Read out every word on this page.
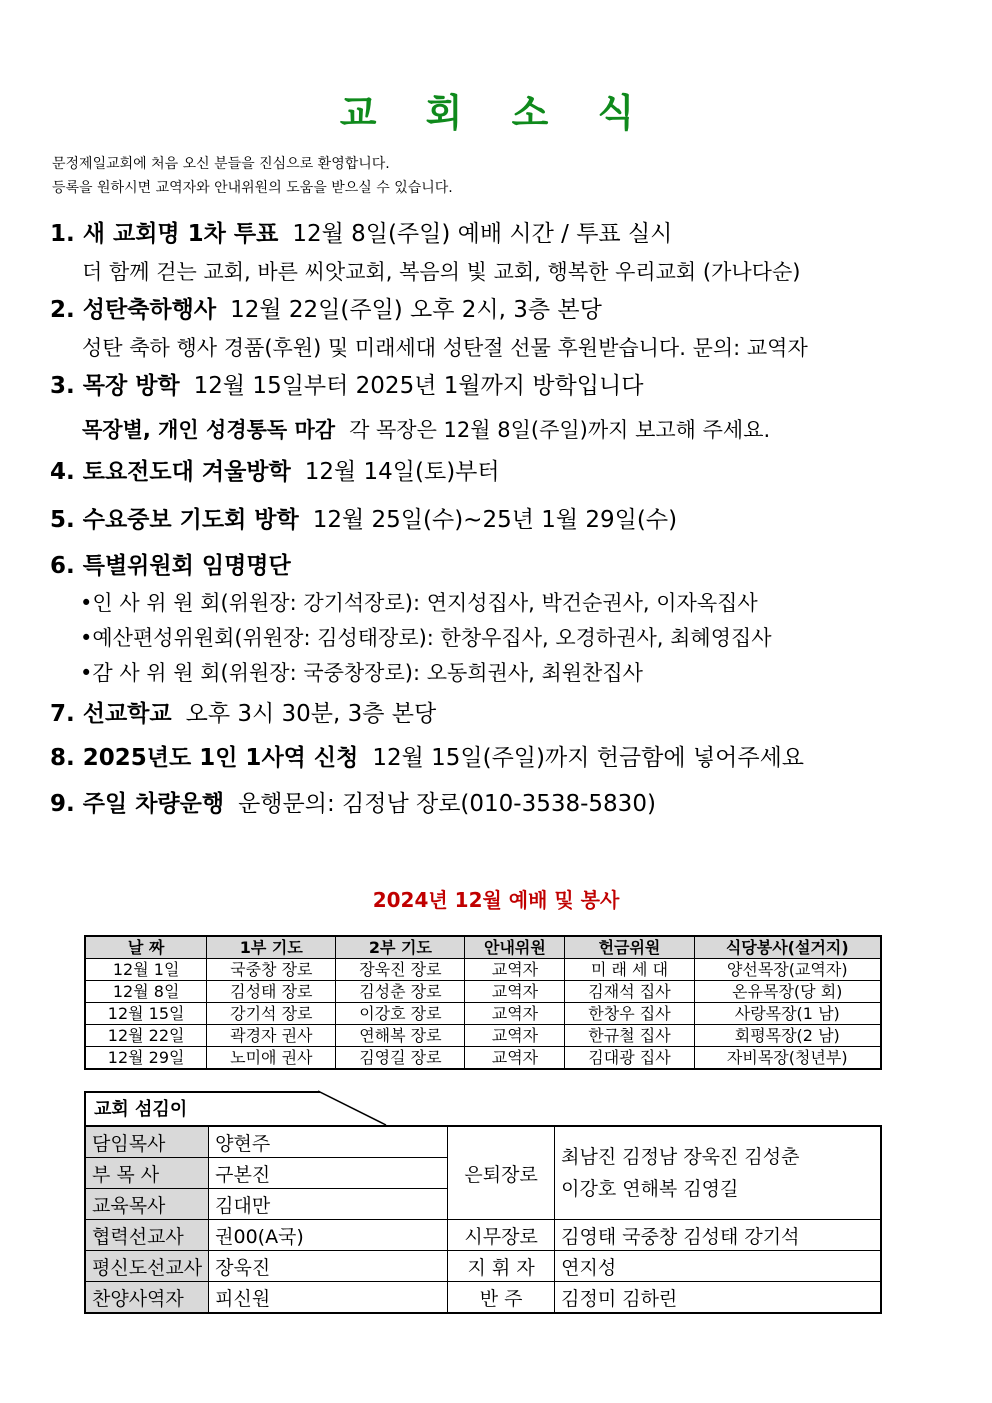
교 회 소 식
문정제일교회에 처음 오신 분들을 진심으로 환영합니다.
등록을 원하시면 교역자와 안내위원의 도움을 받으실 수 있습니다.
1. 새 교회명 1차 투표 12월 8일(주일) 예배 시간 / 투표 실시
더 함께 걷는 교회, 바른 씨앗교회, 복음의 빛 교회, 행복한 우리교회 (가나다순)
2. 성탄축하행사 12월 22일(주일) 오후 2시, 3층 본당
성탄 축하 행사 경품(후원) 및 미래세대 성탄절 선물 후원받습니다. 문의: 교역자
3. 목장 방학 12월 15일부터 2025년 1월까지 방학입니다
목장별, 개인 성경통독 마감 각 목장은 12월 8일(주일)까지 보고해 주세요.
4. 토요전도대 겨울방학 12월 14일(토)부터
5. 수요중보 기도회 방학 12월 25일(수)~25년 1월 29일(수)
6. 특별위원회 임명명단
•인 사 위 원 회(위원장: 강기석장로): 연지성집사, 박건순권사, 이자옥집사
•예산편성위원회(위원장: 김성태장로): 한창우집사, 오경하권사, 최혜영집사
•감 사 위 원 회(위원장: 국중창장로): 오동희권사, 최원찬집사
7. 선교학교 오후 3시 30분, 3층 본당
8. 2025년도 1인 1사역 신청 12월 15일(주일)까지 헌금함에 넣어주세요
9. 주일 차량운행 운행문의: 김정남 장로(010-3538-5830)
2024년 12월 예배 및 봉사
날 짜	1부 기도	2부 기도	안내위원	헌금위원	식당봉사(설거지)
12월 1일	국중창 장로	장욱진 장로	교역자	미 래 세 대	양선목장(교역자)
12월 8일	김성태 장로	김성춘 장로	교역자	김재석 집사	온유목장(당 회)
12월 15일	강기석 장로	이강호 장로	교역자	한창우 집사	사랑목장(1 남)
12월 22일	곽경자 권사	연해복 장로	교역자	한규철 집사	회평목장(2 남)
12월 29일	노미애 권사	김영길 장로	교역자	김대광 집사	자비목장(청년부)
교회 섬김이
담임목사	양현주	은퇴장로	최남진 김정남 장욱진 김성춘
이강호 연해복 김영길

부 목 사	구본진		
교육목사	김대만		
협력선교사	권00(A국)	시무장로	김영태 국중창 김성태 강기석
평신도선교사	장욱진	지 휘 자	연지성
찬양사역자	피신원	반 주	김정미 김하린
